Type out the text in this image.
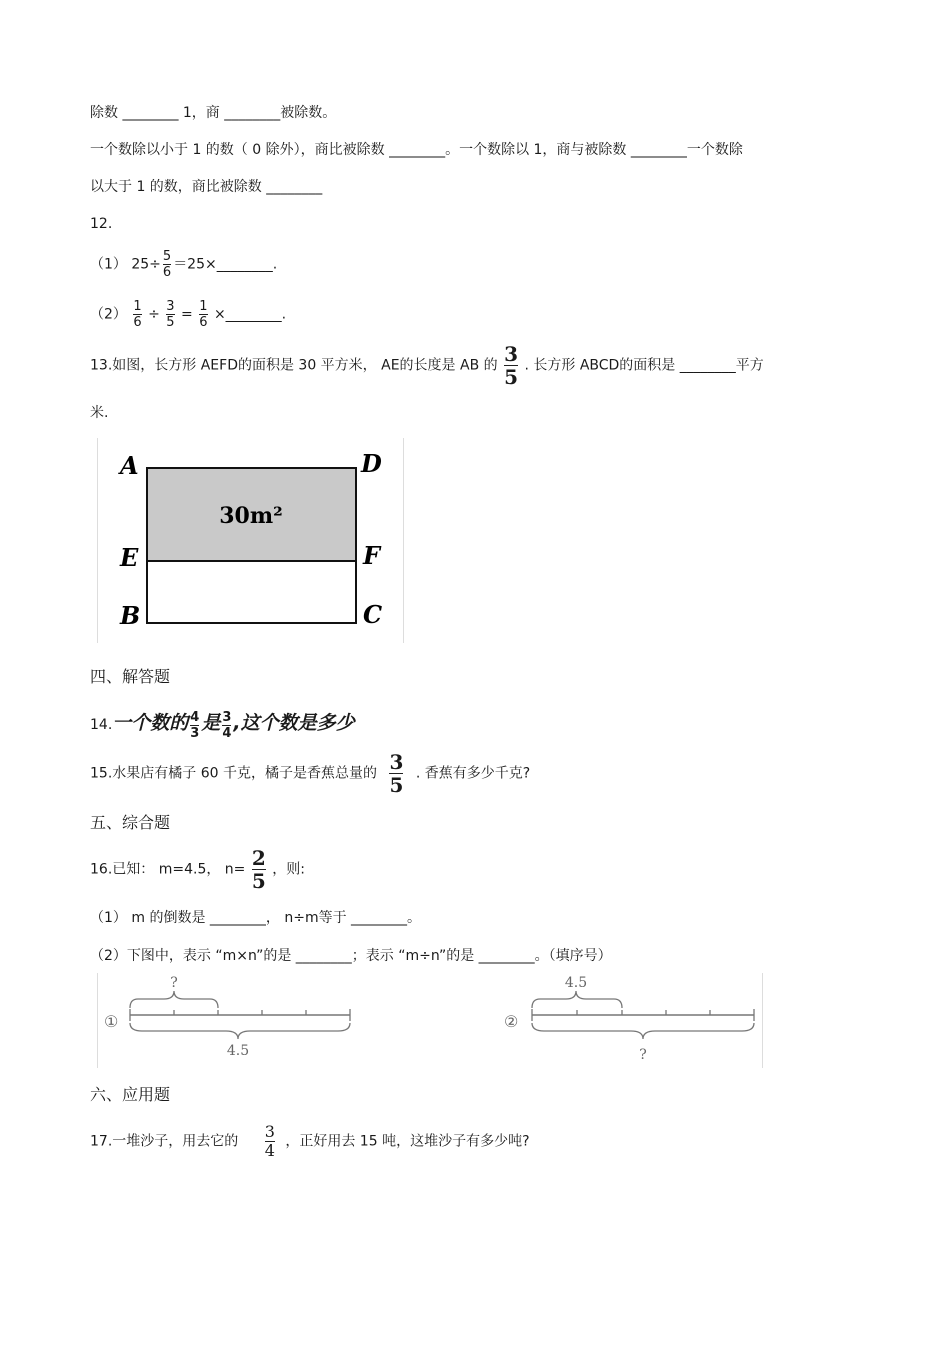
除数 ________ 1，商 ________被除数。
一个数除以小于 1 的数（ 0 除外），商比被除数 ________。一个数除以 1，商与被除数 ________一个数除
以大于 1 的数，商比被除数 ________
12.
（1） $25\div \frac{5}{6}$ ＝25×________.
$(2) \frac{1}{6} \div \frac{3}{5} = \frac{1}{6}$ ×________.
13.如图，长方形 AEFD的面积是 30 平方米， AE的长度是 AB 的 $\frac{3}{5}$ . 长方形 ABCD的面积是 ________平方
米.
30m²
A	D
E	F
B	C
四、解答题
14.一个数的 $\frac{4}{3}$ 是 $\frac{3}{4}$ ,这个数是多少
15.水果店有橘子 60 千克，橘子是香蕉总量的 $\frac{3}{5}$ . 香蕉有多少千克?
五、综合题
16.已知： m=4.5， $n= \frac{2}{5}$ ，则:
（1） m 的倒数是 ________， n÷m等于 ________。
（2）下图中，表示 “m×n”的是 ________；表示 “m÷n”的是 ________。（填序号）
①
?
4.5
②
4.5
?
六、应用题
17.一堆沙子，用去它的 $\frac{3}{4}$ ，正好用去 15 吨，这堆沙子有多少吨?
